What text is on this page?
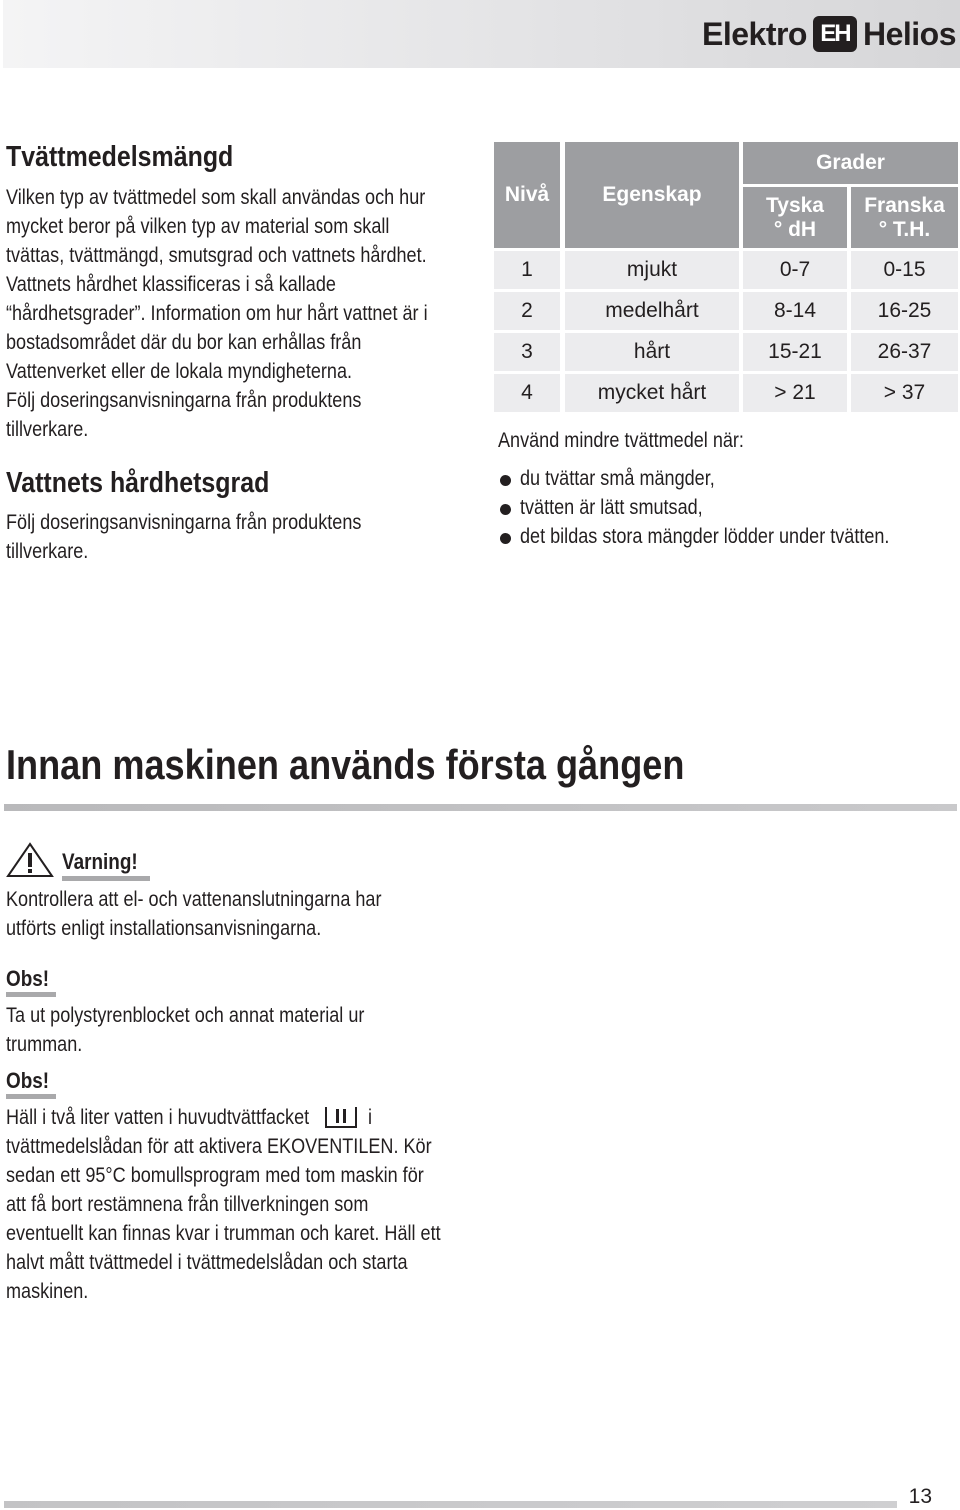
Elektro EH Helios
Tvättmedelsmängd
Vilken typ av tvättmedel som skall användas och hur
mycket beror på vilken typ av material som skall
tvättas, tvättmängd, smutsgrad och vattnets hårdhet.
Vattnets hårdhet klassificeras i så kallade
“hårdhetsgrader”. Information om hur hårt vattnet är i
bostadsområdet där du bor kan erhållas från
Vattenverket eller de lokala myndigheterna.
Följ doseringsanvisningarna från produktens
tillverkare.
Vattnets hårdhetsgrad
Följ doseringsanvisningarna från produktens
tillverkare.
Nivå	Egenskap
Grader
Tyska
° dH
Franska
° T.H.
1	mjukt	0-7	0-15
2	medelhårt	8-14	16-25
3	hårt	15-21	26-37
4	mycket hårt	> 21	> 37
Använd mindre tvättmedel när:
du tvättar små mängder,
tvätten är lätt smutsad,
det bildas stora mängder lödder under tvätten.
Innan maskinen används första gången
Varning!
Kontrollera att el- och vattenanslutningarna har
utförts enligt installationsanvisningarna.
Obs!
Ta ut polystyrenblocket och annat material ur
trumman.
Obs!
Häll i två liter vatten i huvudtvättfacket	i
tvättmedelslådan för att aktivera EKOVENTILEN. Kör
sedan ett 95°C bomullsprogram med tom maskin för
att få bort restämnena från tillverkningen som
eventuellt kan finnas kvar i trumman och karet. Häll ett
halvt mått tvättmedel i tvättmedelslådan och starta
maskinen.
13
